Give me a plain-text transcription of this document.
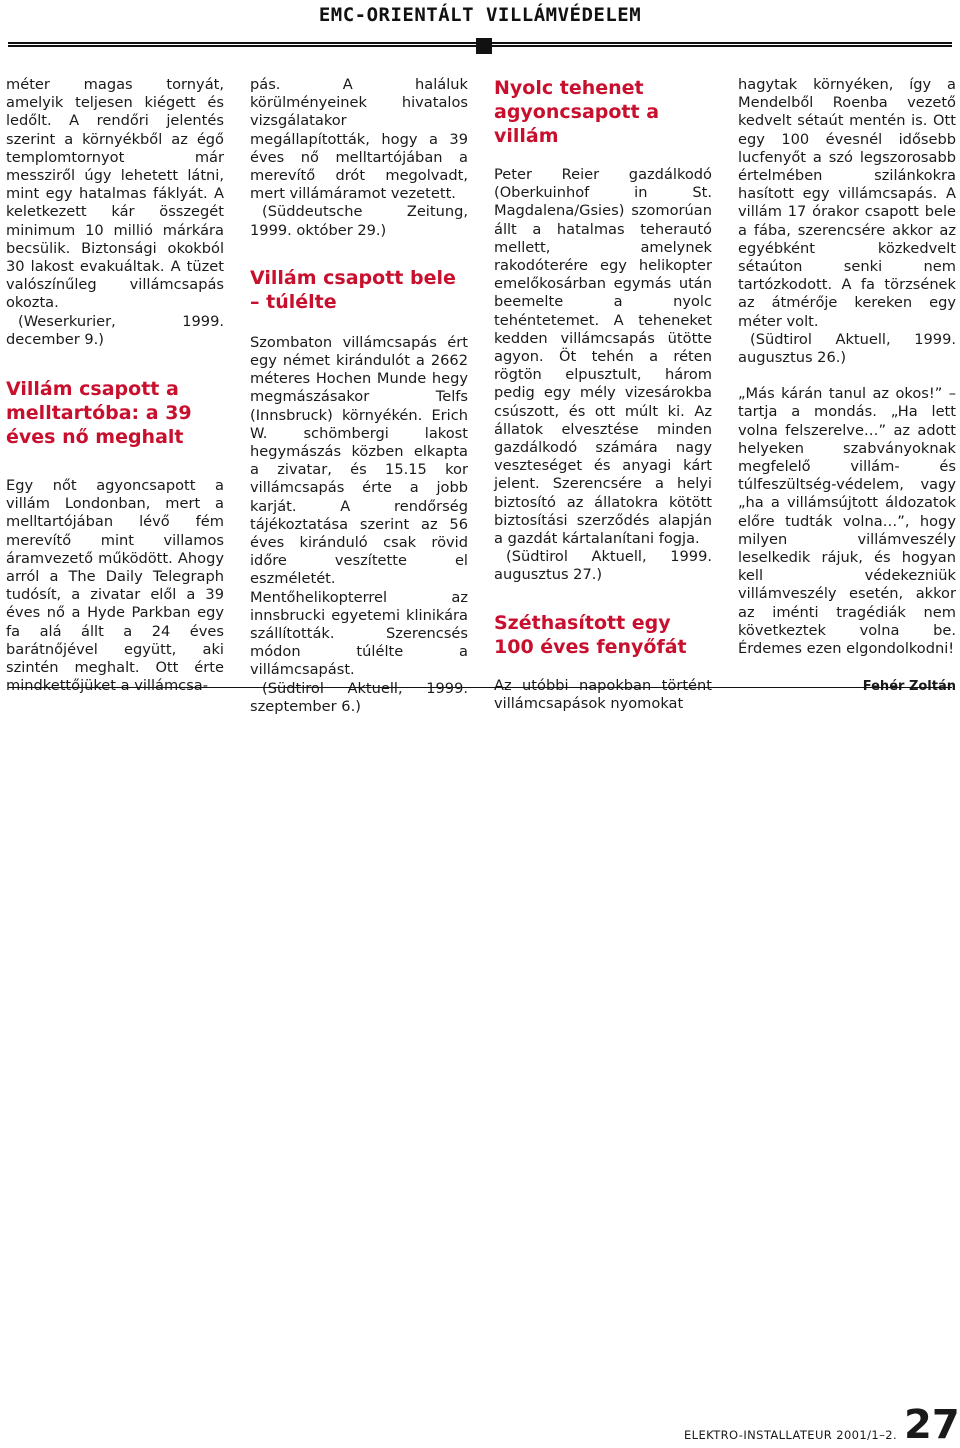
EMC-ORIENTÁLT VILLÁMVÉDELEM

méter magas tornyát, amelyik teljesen kiégett és ledőlt. A rendőri jelentés szerint a környékből az égő templomtornyot már messziről úgy lehetett látni, mint egy hatalmas fáklyát. A keletkezett kár összegét minimum 10 millió márkára becsülik. Biztonsági okokból 30 lakost evakuáltak. A tüzet valószínűleg villámcsapás okozta.

(Weserkurier, 1999. december 9.)

Villám csapott a melltartóba: a 39 éves nő meghalt

Egy nőt agyoncsapott a villám Londonban, mert a melltartójában lévő fém merevítő mint villamos áramvezető működött. Ahogy arról a The Daily Telegraph tudósít, a zivatar elől a 39 éves nő a Hyde Parkban egy fa alá állt a 24 éves barátnőjével együtt, aki szintén meghalt. Ott érte mindkettőjüket a villámcsa-

pás. A haláluk körülményeinek hivatalos vizsgálatakor megállapították, hogy a 39 éves nő melltartójában a merevítő drót megolvadt, mert villámáramot vezetett.

(Süddeutsche Zeitung, 1999. október 29.)

Villám csapott bele – túlélte

Szombaton villámcsapás ért egy német kirándulót a 2662 méteres Hochen Munde hegy megmászásakor Telfs (Innsbruck) környékén. Erich W. schömbergi lakost hegymászás közben elkapta a zivatar, és 15.15 kor villámcsapás érte a jobb karját. A rendőrség tájékoztatása szerint az 56 éves kiránduló csak rövid időre veszítette el eszméletét. Mentőhelikopterrel az innsbrucki egyetemi klinikára szállították. Szerencsés módon túlélte a villámcsapást.

(Südtirol Aktuell, 1999. szeptember 6.)

Nyolc tehenet agyoncsapott a villám

Peter Reier gazdálkodó (Oberkuinhof in St. Magdalena/Gsies) szomorúan állt a hatalmas teherautó mellett, amelynek rakodóterére egy helikopter emelőkosárban egymás után beemelte a nyolc tehéntetemet. A teheneket kedden villámcsapás ütötte agyon. Öt tehén a réten rögtön elpusztult, három pedig egy mély vizesárokba csúszott, és ott múlt ki. Az állatok elvesztése minden gazdálkodó számára nagy veszteséget és anyagi kárt jelent. Szerencsére a helyi biztosító az állatokra kötött biztosítási szerződés alapján a gazdát kártalanítani fogja.

(Südtirol Aktuell, 1999. augusztus 27.)

Széthasított egy 100 éves fenyőfát

Az utóbbi napokban történt villámcsapások nyomokat

hagytak környéken, így a Mendelből Roenba vezető kedvelt sétaút mentén is. Ott egy 100 évesnél idősebb lucfenyőt a szó legszorosabb értelmében szilánkokra hasított egy villámcsapás. A villám 17 órakor csapott bele a fába, szerencsére akkor az egyébként közkedvelt sétaúton senki nem tartózkodott. A fa törzsének az átmérője kereken egy méter volt.

(Südtirol Aktuell, 1999. augusztus 26.)

„Más kárán tanul az okos!” – tartja a mondás. „Ha lett volna felszerelve…” az adott helyeken szabványoknak megfelelő villám- és túlfeszültség-védelem, vagy „ha a villámsújtott áldozatok előre tudták volna…”, hogy milyen villámveszély leselkedik rájuk, és hogyan kell védekezniük villámveszély esetén, akkor az iménti tragédiák nem következtek volna be. Érdemes ezen elgondolkodni!

Fehér Zoltán
ELEKTRO-INSTALLATEUR 2001/1–2. 27
